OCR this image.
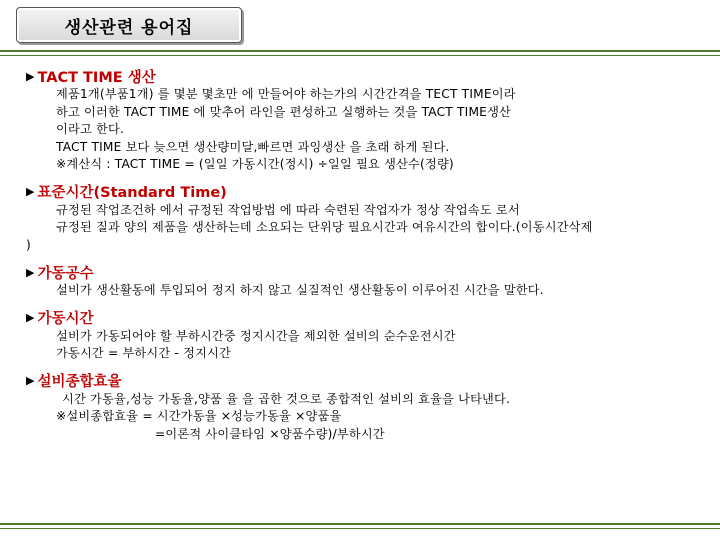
생산관련 용어집
▶ TACT TIME 생산
제품1개(부품1개) 를 몇분 몇초만 에 만들어야 하는가의 시간간격을 TECT TIME이라
하고 이러한 TACT TIME 에 맞추어 라인을 편성하고 실행하는 것을 TACT TIME생산
이라고 한다.
TACT TIME 보다 늦으면 생산량미달,빠르면 과잉생산 을 초래 하게 된다.
※계산식 : TACT TIME = (일일 가동시간(정시) ÷일일 필요 생산수(정량)
▶ 표준시간(Standard Time)
규정된 작업조건하 에서 규정된 작업방법 에 따라 숙련된 작업자가 정상 작업속도 로서
규정된 질과 양의 제품을 생산하는데 소요되는 단위당 필요시간과 여유시간의 합이다.(이동시간삭제
)
▶ 가동공수
설비가 생산활동에 투입되어 정지 하지 않고 실질적인 생산활동이 이루어진 시간을 말한다.
▶ 가동시간
설비가 가동되어야 할 부하시간중 정지시간을 제외한 설비의 순수운전시간
가동시간 = 부하시간 - 정지시간
▶ 설비종합효율
시간 가동율,성능 가동율,양품 율 을 곱한 것으로 종합적인 설비의 효율을 나타낸다.
※설비종합효율 = 시간가동율 ×성능가동율 ×양품율
=이론적 사이클타임 ×양품수량)/부하시간
